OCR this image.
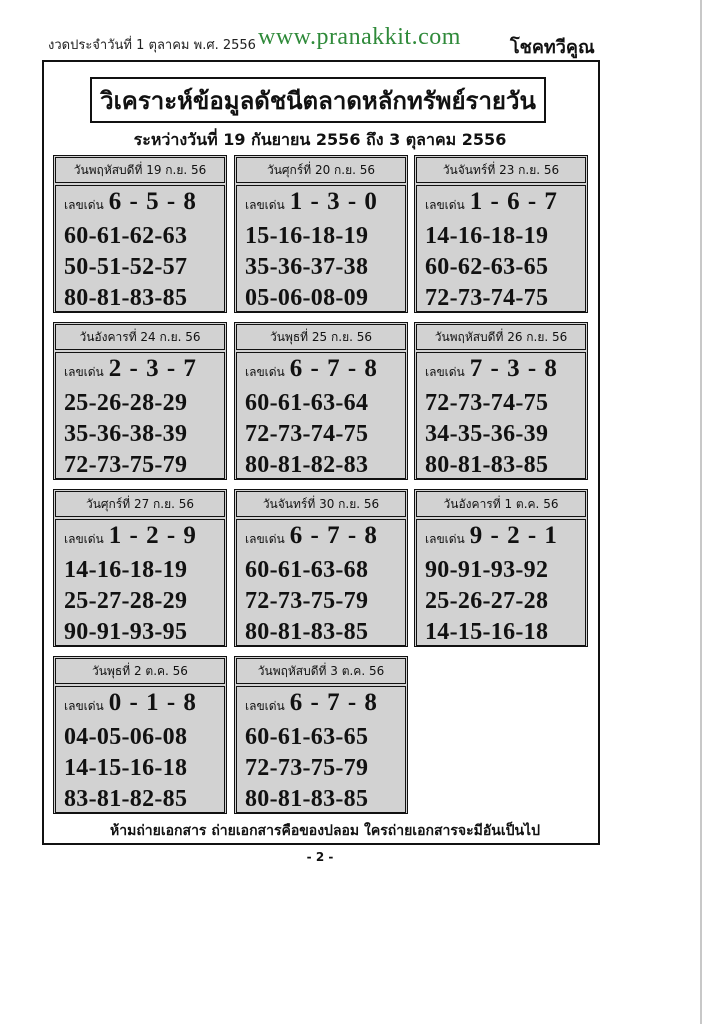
งวดประจำวันที่ 1 ตุลาคม พ.ศ. 2556 www.pranakkit.com	โชคทวีคูณ
วิเคราะห์ข้อมูลดัชนีตลาดหลักทรัพย์รายวัน
ระหว่างวันที่ 19 กันยายน 2556 ถึง 3 ตุลาคม 2556
วันพฤหัสบดีที่ 19 ก.ย. 56
เลขเด่น 6 - 5 - 8
60-61-62-63
50-51-52-57
80-81-83-85
วันศุกร์ที่ 20 ก.ย. 56
เลขเด่น 1 - 3 - 0
15-16-18-19
35-36-37-38
05-06-08-09
วันจันทร์ที่ 23 ก.ย. 56
เลขเด่น 1 - 6 - 7
14-16-18-19
60-62-63-65
72-73-74-75
วันอังคารที่ 24 ก.ย. 56
เลขเด่น 2 - 3 - 7
25-26-28-29
35-36-38-39
72-73-75-79
วันพุธที่ 25 ก.ย. 56
เลขเด่น 6 - 7 - 8
60-61-63-64
72-73-74-75
80-81-82-83
วันพฤหัสบดีที่ 26 ก.ย. 56
เลขเด่น 7 - 3 - 8
72-73-74-75
34-35-36-39
80-81-83-85
วันศุกร์ที่ 27 ก.ย. 56
เลขเด่น 1 - 2 - 9
14-16-18-19
25-27-28-29
90-91-93-95
วันจันทร์ที่ 30 ก.ย. 56
เลขเด่น 6 - 7 - 8
60-61-63-68
72-73-75-79
80-81-83-85
วันอังคารที่ 1 ต.ค. 56
เลขเด่น 9 - 2 - 1
90-91-93-92
25-26-27-28
14-15-16-18
วันพุธที่ 2 ต.ค. 56
เลขเด่น 0 - 1 - 8
04-05-06-08
14-15-16-18
83-81-82-85
วันพฤหัสบดีที่ 3 ต.ค. 56
เลขเด่น 6 - 7 - 8
60-61-63-65
72-73-75-79
80-81-83-85
ห้ามถ่ายเอกสาร ถ่ายเอกสารคือของปลอม ใครถ่ายเอกสารจะมีอันเป็นไป
- 2 -
